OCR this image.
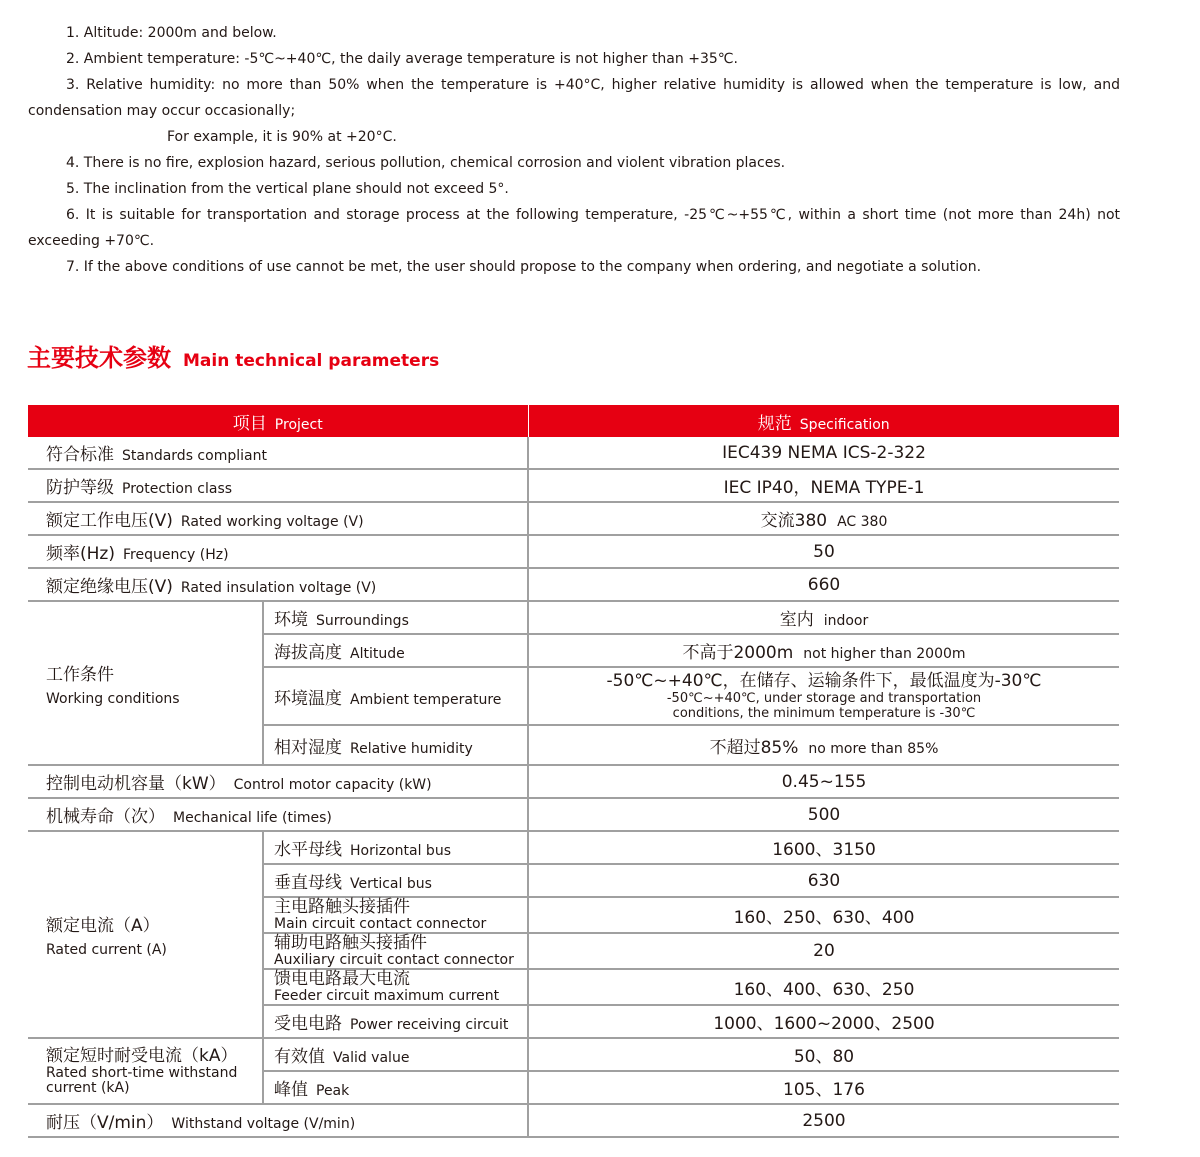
1. Altitude: 2000m and below.

2. Ambient temperature: -5℃~+40℃, the daily average temperature is not higher than +35℃.

3. Relative humidity: no more than 50% when the temperature is +40°C, higher relative humidity is allowed when the temperature is low, and condensation may occur occasionally;

For example, it is 90% at +20°C.

4. There is no fire, explosion hazard, serious pollution, chemical corrosion and violent vibration places.

5. The inclination from the vertical plane should not exceed 5°.

6. It is suitable for transportation and storage process at the following temperature, -25℃~+55℃, within a short time (not more than 24h) not exceeding +70℃.

7. If the above conditions of use cannot be met, the user should propose to the company when ordering, and negotiate a solution.

主要技术参数 Main technical parameters
项目 Project		规范 Specification
符合标准 Standards compliant		IEC439 NEMA ICS-2-322
防护等级 Protection class		IEC IP40，NEMA TYPE-1
额定工作电压(V) Rated working voltage (V)		交流380 AC 380
频率(Hz) Frequency (Hz)		50
额定绝缘电压(V) Rated insulation voltage (V)		660
工作条件
Working conditions	环境 Surroundings	室内 indoor
	海拔高度 Altitude	不高于2000m not higher than 2000m
	环境温度 Ambient temperature	-50℃~+40℃，在储存、运输条件下，最低温度为-30℃
-50℃~+40℃, under storage and transportation
conditions, the minimum temperature is -30℃

	相对湿度 Relative humidity	不超过85% no more than 85%
控制电动机容量（kW） Control motor capacity (kW)		0.45~155
机械寿命（次） Mechanical life (times)		500
额定电流（A）
Rated current (A)	水平母线 Horizontal bus	1600、3150
	垂直母线 Vertical bus	630

	主电路触头接插件
Main circuit contact connector	160、250、630、400

	辅助电路触头接插件
Auxiliary circuit contact connector	20

	馈电电路最大电流
Feeder circuit maximum current	160、400、630、250
	受电电路 Power receiving circuit	1000、1600~2000、2500

额定短时耐受电流（kA）
Rated short-time withstand current (kA)	有效值 Valid value	50、80
	峰值 Peak	105、176
耐压（V/min） Withstand voltage (V/min)		2500
